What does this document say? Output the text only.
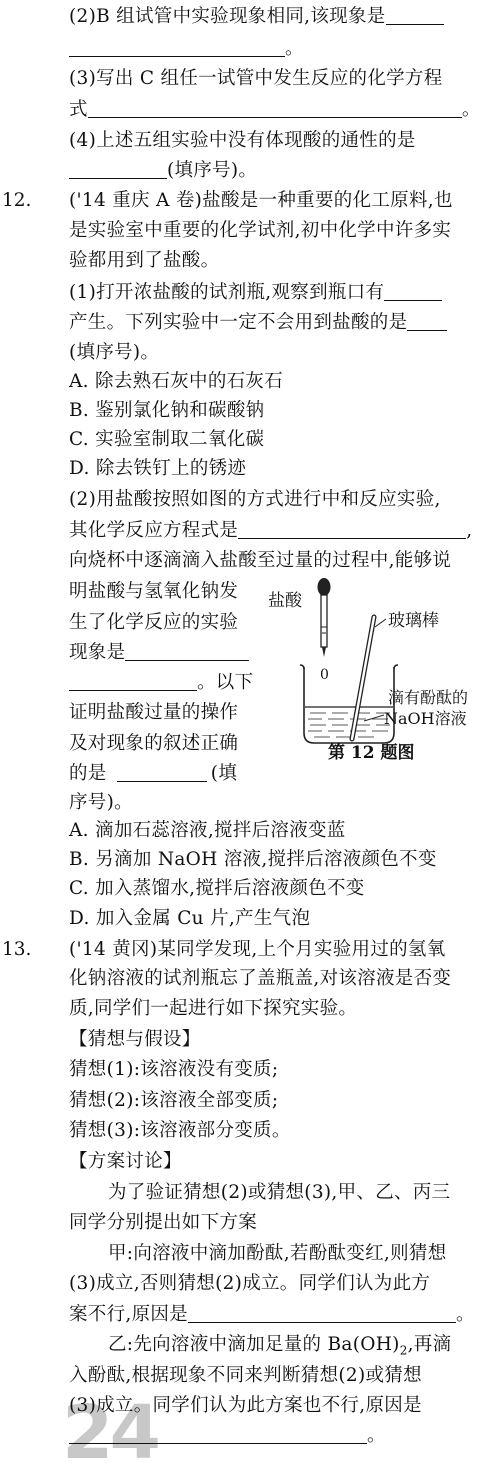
24
(2)B 组试管中实验现象相同,该现象是
。
(3)写出 C 组任一试管中发生反应的化学方程
式	。
(4)上述五组实验中没有体现酸的通性的是
(填序号)。
12. ('14 重庆 A 卷)盐酸是一种重要的化工原料,也
是实验室中重要的化学试剂,初中化学中许多实
验都用到了盐酸。
(1)打开浓盐酸的试剂瓶,观察到瓶口有
产生。下列实验中一定不会用到盐酸的是
(填序号)。
A. 除去熟石灰中的石灰石
B. 鉴别氯化钠和碳酸钠
C. 实验室制取二氧化碳
D. 除去铁钉上的锈迹
(2)用盐酸按照如图的方式进行中和反应实验,
其化学反应方程式是	,
向烧杯中逐滴滴入盐酸至过量的过程中,能够说
明盐酸与氢氧化钠发
生了化学反应的实验
现象是
。以下
证明盐酸过量的操作
及对现象的叙述正确
的是	(填
序号)。
盐酸
玻璃棒
0
滴有酚酞的
NaOH溶液
第 12 题图
A. 滴加石蕊溶液,搅拌后溶液变蓝
B. 另滴加 NaOH 溶液,搅拌后溶液颜色不变
C. 加入蒸馏水,搅拌后溶液颜色不变
D. 加入金属 Cu 片,产生气泡
13. ('14 黄冈)某同学发现,上个月实验用过的氢氧
化钠溶液的试剂瓶忘了盖瓶盖,对该溶液是否变
质,同学们一起进行如下探究实验。
【猜想与假设】
猜想(1):该溶液没有变质;
猜想(2):该溶液全部变质;
猜想(3):该溶液部分变质。
【方案讨论】
为了验证猜想(2)或猜想(3),甲、乙、丙三
同学分别提出如下方案
甲:向溶液中滴加酚酞,若酚酞变红,则猜想
(3)成立,否则猜想(2)成立。同学们认为此方
案不行,原因是	。
乙:先向溶液中滴加足量的 $Ba(OH)_2$,再滴
入酚酞,根据现象不同来判断猜想(2)或猜想
(3)成立。同学们认为此方案也不行,原因是
。
